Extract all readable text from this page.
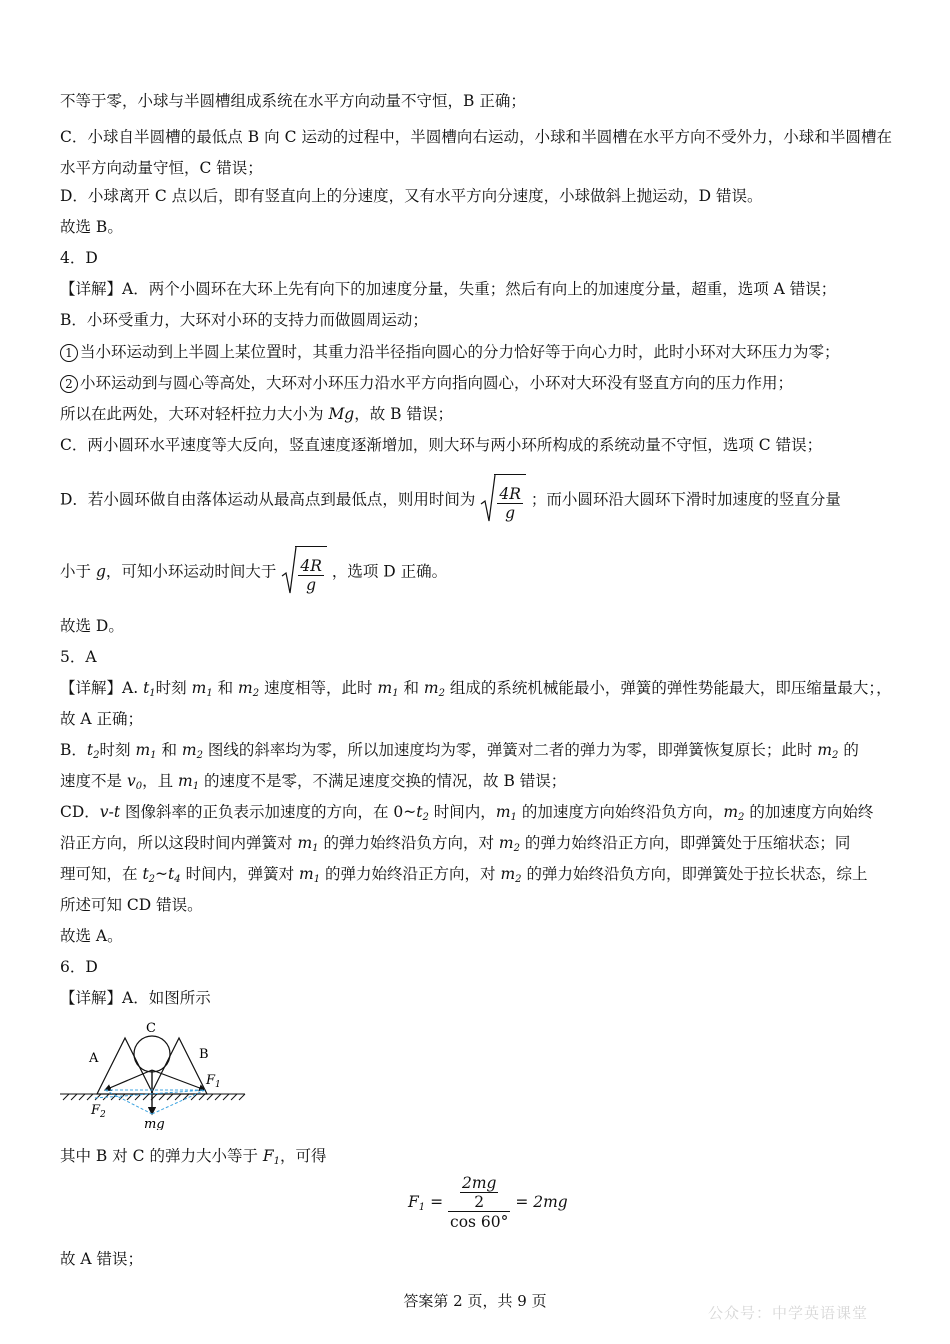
不等于零，小球与半圆槽组成系统在水平方向动量不守恒，B 正确；
C．小球自半圆槽的最低点 B 向 C 运动的过程中，半圆槽向右运动，小球和半圆槽在水平方向不受外力，小球和半圆槽在水平方向动量守恒，C 错误；
D．小球离开 C 点以后，即有竖直向上的分速度，又有水平方向分速度，小球做斜上抛运动，D 错误。
故选 B。
4．D
【详解】A．两个小圆环在大环上先有向下的加速度分量，失重；然后有向上的加速度分量，超重，选项 A 错误；
B．小环受重力，大环对小环的支持力而做圆周运动；
1 当小环运动到上半圆上某位置时，其重力沿半径指向圆心的分力恰好等于向心力时，此时小环对大环压力为零；
2 小环运动到与圆心等高处，大环对小环压力沿水平方向指向圆心，小环对大环没有竖直方向的压力作用；
所以在此两处，大环对轻杆拉力大小为 Mg，故 B 错误；
C．两小圆环水平速度等大反向，竖直速度逐渐增加，则大环与两小环所构成的系统动量不守恒，选项 C 错误；
D．若小圆环做自由落体运动从最高点到最低点，则用时间为 $\frac{4R}{g}$ ；而小圆环沿大圆环下滑时加速度的竖直分量
小于 g，可知小环运动时间大于 $\frac{4R}{g}$ ，选项 D 正确。
故选 D。
5．A
【详解】A. $t_1$时刻 $m_1$ 和 $m_2$ 速度相等，此时 $m_1$ 和 $m_2$ 组成的系统机械能最小，弹簧的弹性势能最大，即压缩量最大；，
故 A 正确；
B．$t_2$时刻 $m_1$ 和 $m_2$ 图线的斜率均为零，所以加速度均为零，弹簧对二者的弹力为零，即弹簧恢复原长；此时 $m_2$ 的
速度不是 $v_0$，且 $m_1$ 的速度不是零，不满足速度交换的情况，故 B 错误；
CD．v-t 图像斜率的正负表示加速度的方向，在 $0\sim t_2$ 时间内，$m_1$ 的加速度方向始终沿负方向，$m_2$ 的加速度方向始终
沿正方向，所以这段时间内弹簧对 $m_1$ 的弹力始终沿负方向，对 $m_2$ 的弹力始终沿正方向，即弹簧处于压缩状态；同
理可知，在 $t_2\sim t_4$ 时间内，弹簧对 $m_1$ 的弹力始终沿正方向，对 $m_2$ 的弹力始终沿负方向，即弹簧处于拉长状态，综上
所述可知 CD 错误。
故选 A。
6．D
【详解】A．如图所示
A
C
B
$F_1$
$F_2$
mg
其中 B 对 C 的弹力大小等于 $F_1$，可得
$F_1 = \frac{\frac{2mg}{2}}{\cos 60^\circ} = 2mg$
故 A 错误；
答案第 2 页，共 9 页
公众号：中学英语课堂
